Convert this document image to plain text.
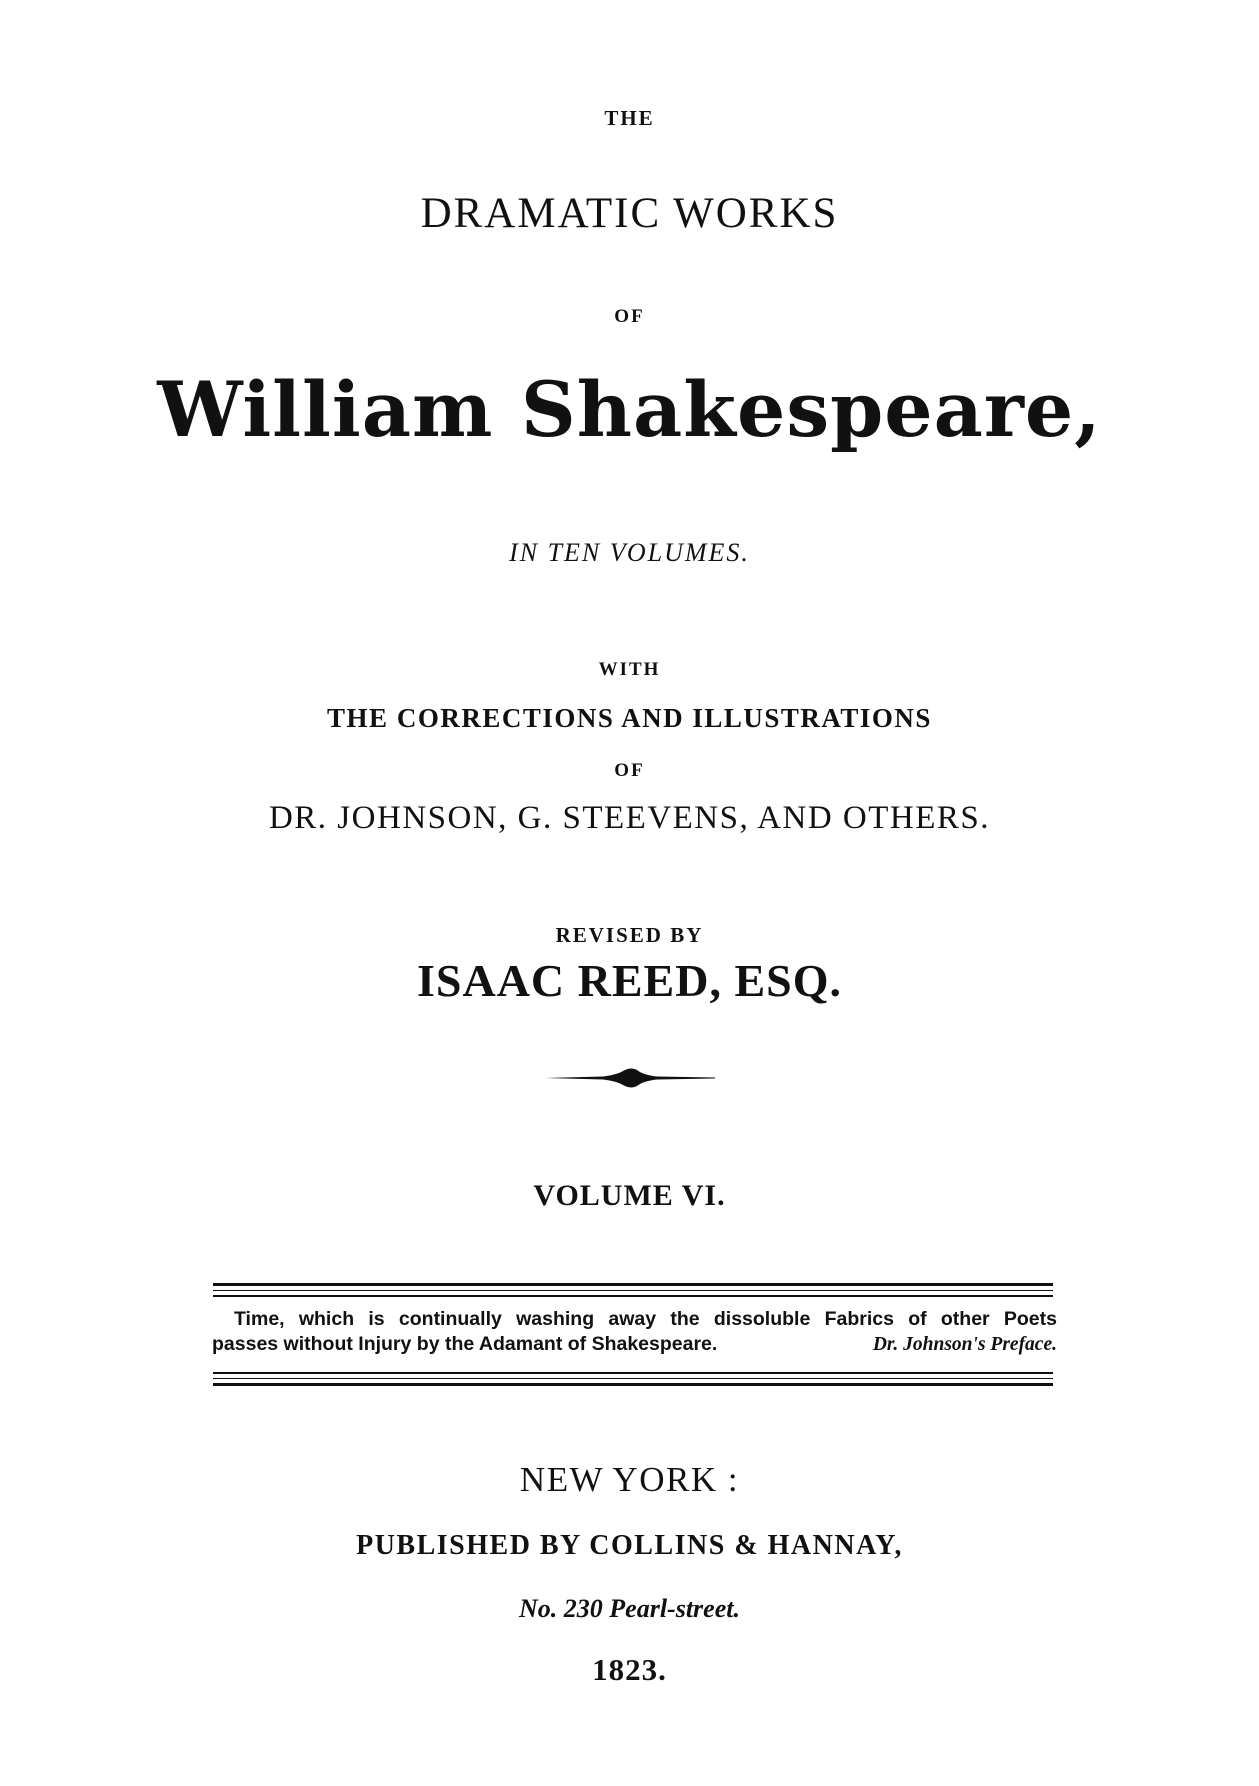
THE
DRAMATIC WORKS
OF
William Shakespeare,
IN TEN VOLUMES.
WITH
THE CORRECTIONS AND ILLUSTRATIONS
OF
DR. JOHNSON, G. STEEVENS, AND OTHERS.
REVISED BY
ISAAC REED, ESQ.
VOLUME VI.
Time, which is continually washing away the dissoluble Fabrics of other Poets
passes without Injury by the Adamant of Shakespeare.	Dr. Johnson's Preface.
NEW YORK :
PUBLISHED BY COLLINS & HANNAY,
No. 230 Pearl-street.
1823.
